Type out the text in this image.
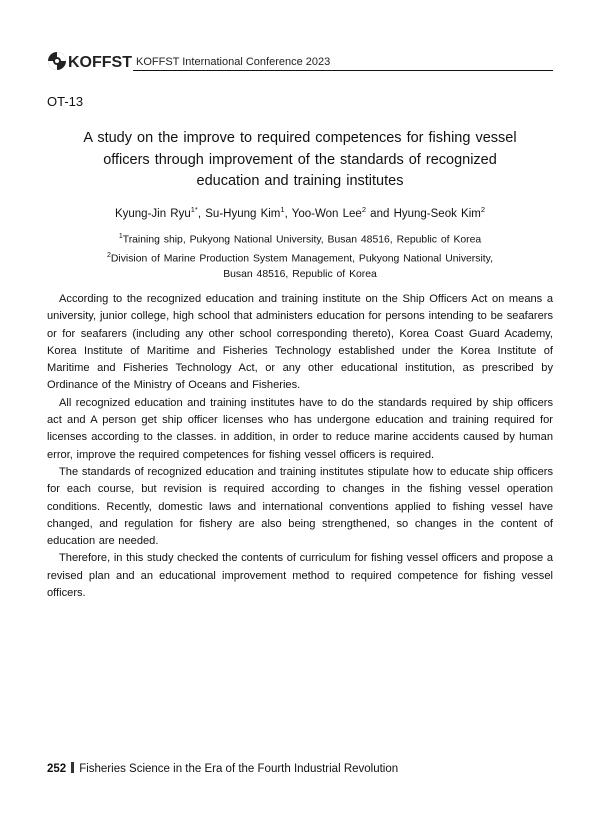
KOFFST KOFFST International Conference 2023
OT-13
A study on the improve to required competences for fishing vessel
officers through improvement of the standards of recognized
education and training institutes
Kyung-Jin Ryu$^{1*}$, Su-Hyung Kim$^1$, Yoo-Won Lee$^2$ and Hyung-Seok Kim$^2$
$^1$Training ship, Pukyong National University, Busan 48516, Republic of Korea
$^2$Division of Marine Production System Management, Pukyong National University,
Busan 48516, Republic of Korea

According to the recognized education and training institute on the Ship Officers Act on means a university, junior college, high school that administers education for persons intending to be seafarers or for seafarers (including any other school corresponding thereto), Korea Coast Guard Academy, Korea Institute of Maritime and Fisheries Technology established under the Korea Institute of Maritime and Fisheries Technology Act, or any other educational institution, as prescribed by Ordinance of the Ministry of Oceans and Fisheries.

All recognized education and training institutes have to do the standards required by ship officers act and A person get ship officer licenses who has undergone education and training required for licenses according to the classes. in addition, in order to reduce marine accidents caused by human error, improve the required competences for fishing vessel officers is required.

The standards of recognized education and training institutes stipulate how to educate ship officers for each course, but revision is required according to changes in the fishing vessel operation conditions. Recently, domestic laws and international conventions applied to fishing vessel have changed, and regulation for fishery are also being strengthened, so changes in the content of education are needed.

Therefore, in this study checked the contents of curriculum for fishing vessel officers and propose a revised plan and an educational improvement method to required competence for fishing vessel officers.

252 Fisheries Science in the Era of the Fourth Industrial Revolution
